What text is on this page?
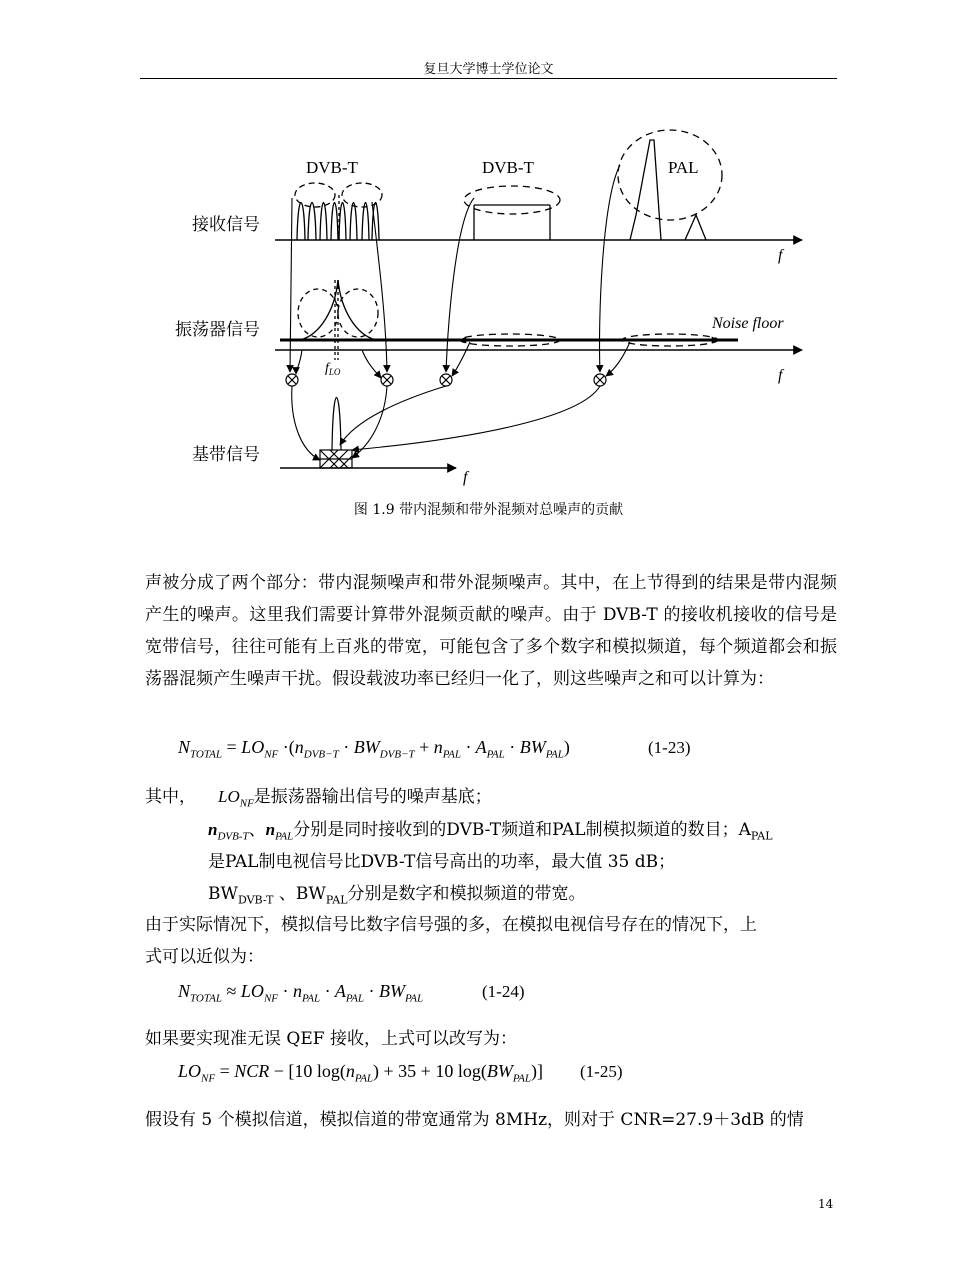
复旦大学博士学位论文
接收信号
振荡器信号
基带信号
DVB-T	DVB-T	PAL
f
f
Noise floor
$f_{LO}$
f
图 1.9 带内混频和带外混频对总噪声的贡献
声被分成了两个部分：带内混频噪声和带外混频噪声。其中，在上节得到的结果是带内混频产生的噪声。这里我们需要计算带外混频贡献的噪声。由于 DVB-T 的接收机接收的信号是宽带信号，往往可能有上百兆的带宽，可能包含了多个数字和模拟频道，每个频道都会和振荡器混频产生噪声干扰。假设载波功率已经归一化了，则这些噪声之和可以计算为：
$N_{TOTAL} = LO_{NF} \cdot(n_{DVB-T} \cdot BW_{DVB-T} + n_{PAL} \cdot A_{PAL} \cdot BW_{PAL})$	(1-23)
其中， $LO_{NF}$是振荡器输出信号的噪声基底；
$n_{DVB-T}$、$n_{PAL}$分别是同时接收到的DVB-T频道和PAL制模拟频道的数目；$A_{PAL}$
是PAL制电视信号比DVB-T信号高出的功率，最大值 35 dB；
$BW_{DVB-T}$ 、$BW_{PAL}$分别是数字和模拟频道的带宽。
由于实际情况下，模拟信号比数字信号强的多，在模拟电视信号存在的情况下，上
式可以近似为：
$N_{TOTAL} \approx LO_{NF} \cdot n_{PAL} \cdot A_{PAL} \cdot BW_{PAL}$	(1-24)
如果要实现准无误 QEF 接收，上式可以改写为：
$LO_{NF}$ = NCR − [10 $\log(n_{PAL}) + 35 + 10$ $\log(BW_{PAL})$] (1-25)
假设有 5 个模拟信道，模拟信道的带宽通常为 8MHz，则对于 CNR=27.9＋3dB 的情
14
